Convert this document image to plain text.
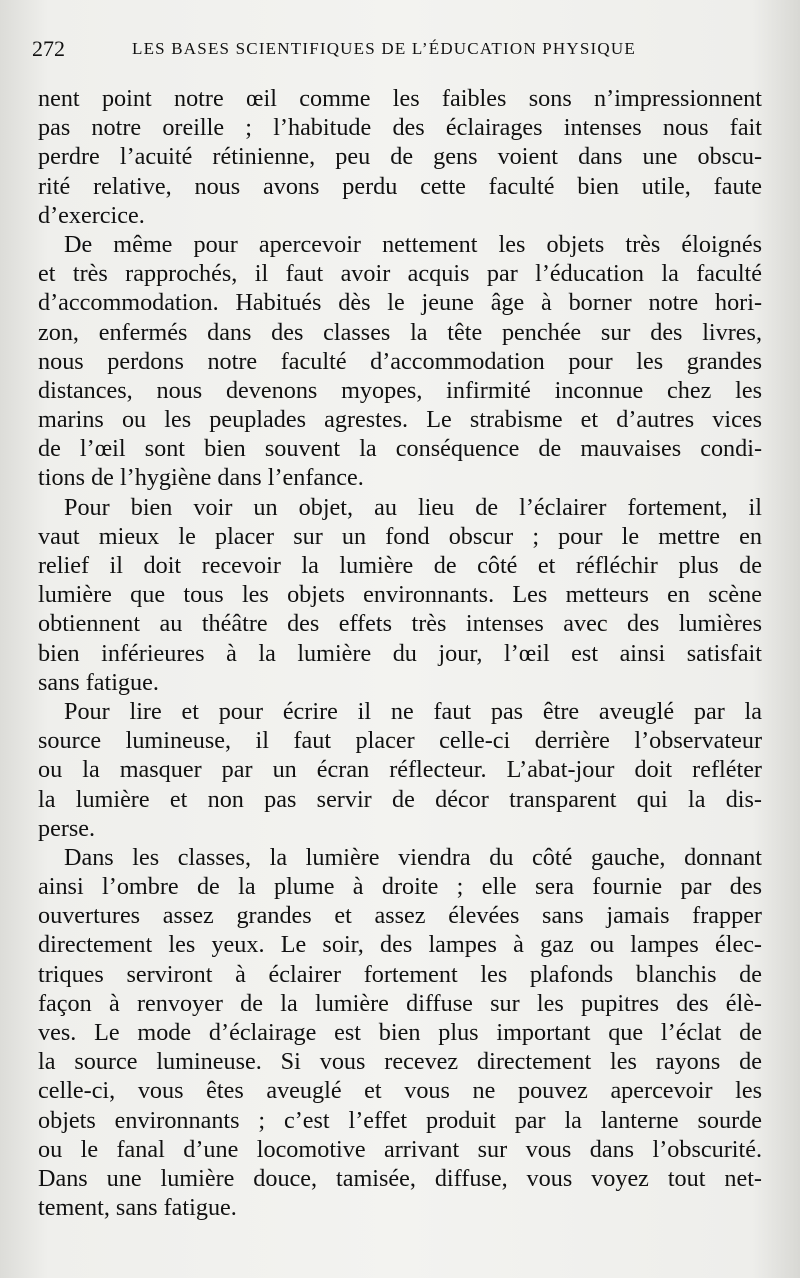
272	LES BASES SCIENTIFIQUES DE L’ÉDUCATION PHYSIQUE
nent point notre œil comme les faibles sons n’impressionnent
pas notre oreille ; l’habitude des éclairages intenses nous fait
perdre l’acuité rétinienne, peu de gens voient dans une obscu-
rité relative, nous avons perdu cette faculté bien utile, faute
d’exercice.
De même pour apercevoir nettement les objets très éloignés
et très rapprochés, il faut avoir acquis par l’éducation la faculté
d’accommodation. Habitués dès le jeune âge à borner notre hori-
zon, enfermés dans des classes la tête penchée sur des livres,
nous perdons notre faculté d’accommodation pour les grandes
distances, nous devenons myopes, infirmité inconnue chez les
marins ou les peuplades agrestes. Le strabisme et d’autres vices
de l’œil sont bien souvent la conséquence de mauvaises condi-
tions de l’hygiène dans l’enfance.
Pour bien voir un objet, au lieu de l’éclairer fortement, il
vaut mieux le placer sur un fond obscur ; pour le mettre en
relief il doit recevoir la lumière de côté et réfléchir plus de
lumière que tous les objets environnants. Les metteurs en scène
obtiennent au théâtre des effets très intenses avec des lumières
bien inférieures à la lumière du jour, l’œil est ainsi satisfait
sans fatigue.
Pour lire et pour écrire il ne faut pas être aveuglé par la
source lumineuse, il faut placer celle-ci derrière l’observateur
ou la masquer par un écran réflecteur. L’abat-jour doit refléter
la lumière et non pas servir de décor transparent qui la dis-
perse.
Dans les classes, la lumière viendra du côté gauche, donnant
ainsi l’ombre de la plume à droite ; elle sera fournie par des
ouvertures assez grandes et assez élevées sans jamais frapper
directement les yeux. Le soir, des lampes à gaz ou lampes élec-
triques serviront à éclairer fortement les plafonds blanchis de
façon à renvoyer de la lumière diffuse sur les pupitres des élè-
ves. Le mode d’éclairage est bien plus important que l’éclat de
la source lumineuse. Si vous recevez directement les rayons de
celle-ci, vous êtes aveuglé et vous ne pouvez apercevoir les
objets environnants ; c’est l’effet produit par la lanterne sourde
ou le fanal d’une locomotive arrivant sur vous dans l’obscurité.
Dans une lumière douce, tamisée, diffuse, vous voyez tout net-
tement, sans fatigue.
